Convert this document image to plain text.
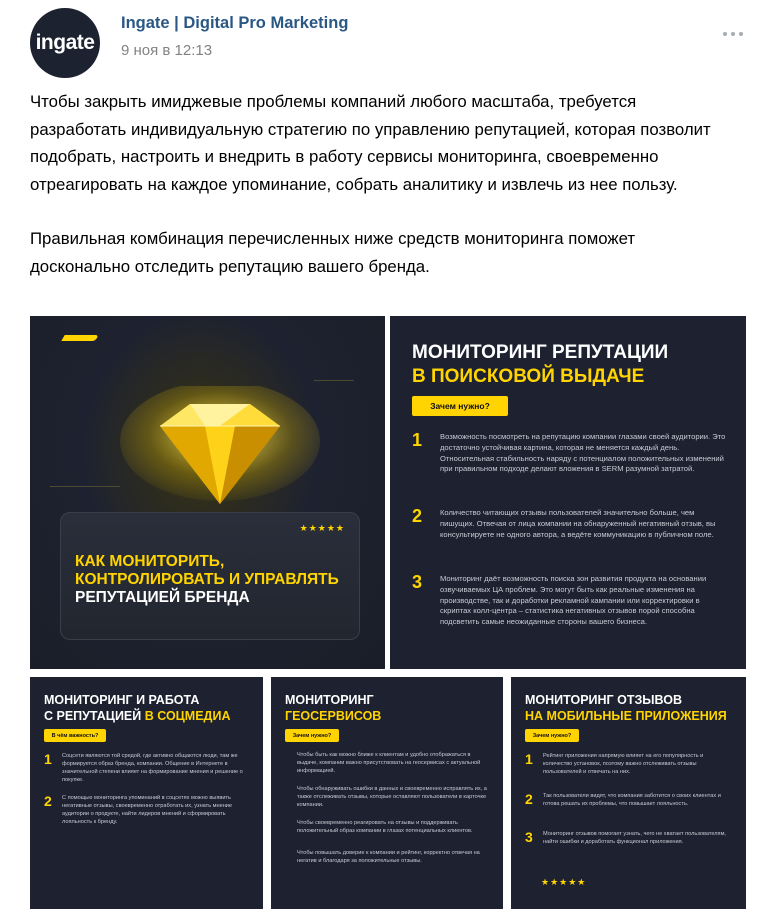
ingate
Ingate | Digital Pro Marketing
9 ноя в 12:13

Чтобы закрыть имиджевые проблемы компаний любого масштаба, требуется разработать индивидуальную стратегию по управлению репутацией, которая позволит подобрать, настроить и внедрить в работу сервисы мониторинга, своевременно отреагировать на каждое упоминание, собрать аналитику и извлечь из нее пользу.

Правильная комбинация перечисленных ниже средств мониторинга поможет досконально отследить репутацию вашего бренда.

★★★★★
КАК МОНИТОРИТЬ,
КОНТРОЛИРОВАТЬ И УПРАВЛЯТЬ
РЕПУТАЦИЕЙ БРЕНДА
МОНИТОРИНГ РЕПУТАЦИИ
В ПОИСКОВОЙ ВЫДАЧЕ
Зачем нужно?
1 Возможность посмотреть на репутацию компании глазами своей аудитории. Это достаточно устойчивая картина, которая не меняется каждый день. Относительная стабильность наряду с потенциалом положительных изменений при правильном подходе делают вложения в SERM разумной затратой.
2 Количество читающих отзывы пользователей значительно больше, чем пишущих. Отвечая от лица компании на обнаруженный негативный отзыв, вы консультируете не одного автора, а ведёте коммуникацию в публичном поле.
3 Мониторинг даёт возможность поиска зон развития продукта на основании озвучиваемых ЦА проблем. Это могут быть как реальные изменения на производстве, так и доработки рекламной кампании или корректировки в скриптах колл-центра – статистика негативных отзывов порой способна подсветить самые неожиданные стороны вашего бизнеса.
МОНИТОРИНГ И РАБОТА
С РЕПУТАЦИЕЙ В СОЦМЕДИА
В чём важность?
1 Соцсети являются той средой, где активно общаются люди, там же формируется образ бренда, компании. Общение в Интернете в значительной степени влияет на формирование мнения и решение о покупке.
2 С помощью мониторинга упоминаний в соцсетях можно выявить негативные отзывы, своевременно отработать их, узнать мнение аудитории о продукте, найти лидеров мнений и сформировать лояльность к бренду.
МОНИТОРИНГ
ГЕОСЕРВИСОВ
Зачем нужно?
Чтобы быть как можно ближе к клиентам и удобно отображаться в выдаче, компании важно присутствовать на геосервисах с актуальной информацией.
Чтобы обнаруживать ошибки в данных и своевременно исправлять их, а также отслеживать отзывы, которые оставляют пользователи в карточке компании.
Чтобы своевременно реагировать на отзывы и поддерживать положительный образ компании в глазах потенциальных клиентов.
Чтобы повышать доверие к компании и рейтинг, корректно отвечая на негатив и благодаря за положительные отзывы.
МОНИТОРИНГ ОТЗЫВОВ
НА МОБИЛЬНЫЕ ПРИЛОЖЕНИЯ
Зачем нужно?
1 Рейтинг приложения напрямую влияет на его популярность и количество установок, поэтому важно отслеживать отзывы пользователей и отвечать на них.
2 Так пользователи видят, что компания заботится о своих клиентах и готова решать их проблемы, что повышает лояльность.
3 Мониторинг отзывов помогает узнать, чего не хватает пользователям, найти ошибки и доработать функционал приложения.
★★★★★
